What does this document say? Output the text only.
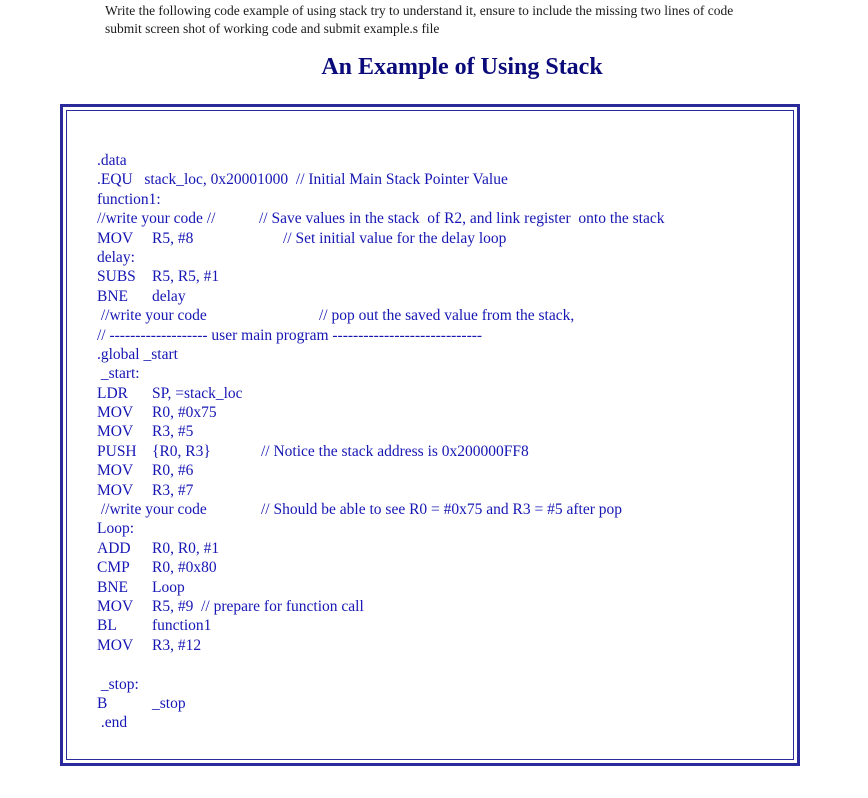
Write the following code example of using stack try to understand it, ensure to include the missing two lines of code
submit screen shot of working code and submit example.s file
An Example of Using Stack
.data
.EQU   stack_loc, 0x20001000  // Initial Main Stack Pointer Value
function1:
//write your code //	// Save values in the stack  of R2, and link register  onto the stack
MOV R5, #8	// Set initial value for the delay loop
delay:
SUBS R5, R5, #1
BNE delay
//write your code	// pop out the saved value from the stack,
// ------------------- user main program -----------------------------
.global _start
_start:
LDR SP, =stack_loc
MOV R0, #0x75
MOV R3, #5
PUSH {R0, R3}	// Notice the stack address is 0x200000FF8
MOV R0, #6
MOV R3, #7
//write your code	// Should be able to see R0 = #0x75 and R3 = #5 after pop
Loop:
ADD R0, R0, #1
CMP R0, #0x80
BNE Loop
MOV R5, #9  // prepare for function call
BL function1
MOV R3, #12
_stop:
B	_stop
.end
